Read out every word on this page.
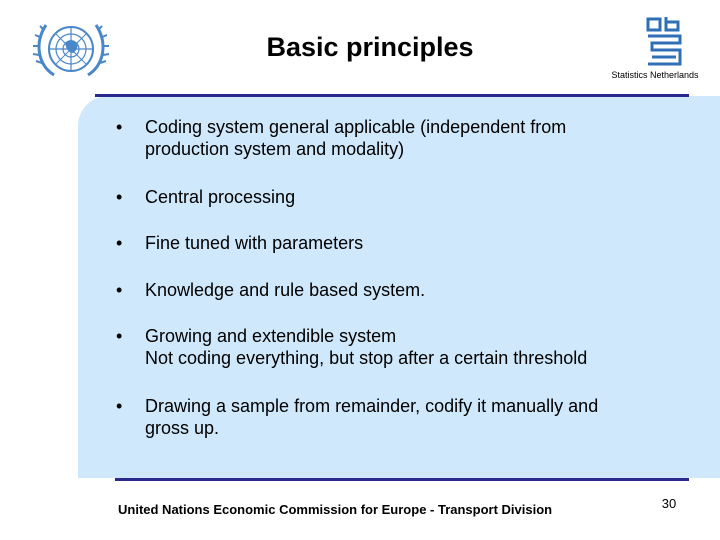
Basic principles
Statistics Netherlands
•	Coding system general applicable (independent from
production system and modality)
•	Central processing
•	Fine tuned with parameters
•	Knowledge and rule based system.
•	Growing and extendible system
Not coding everything, but stop after a certain threshold
•	Drawing a sample from remainder, codify it manually and
gross up.
United Nations Economic Commission for Europe - Transport Division	30
